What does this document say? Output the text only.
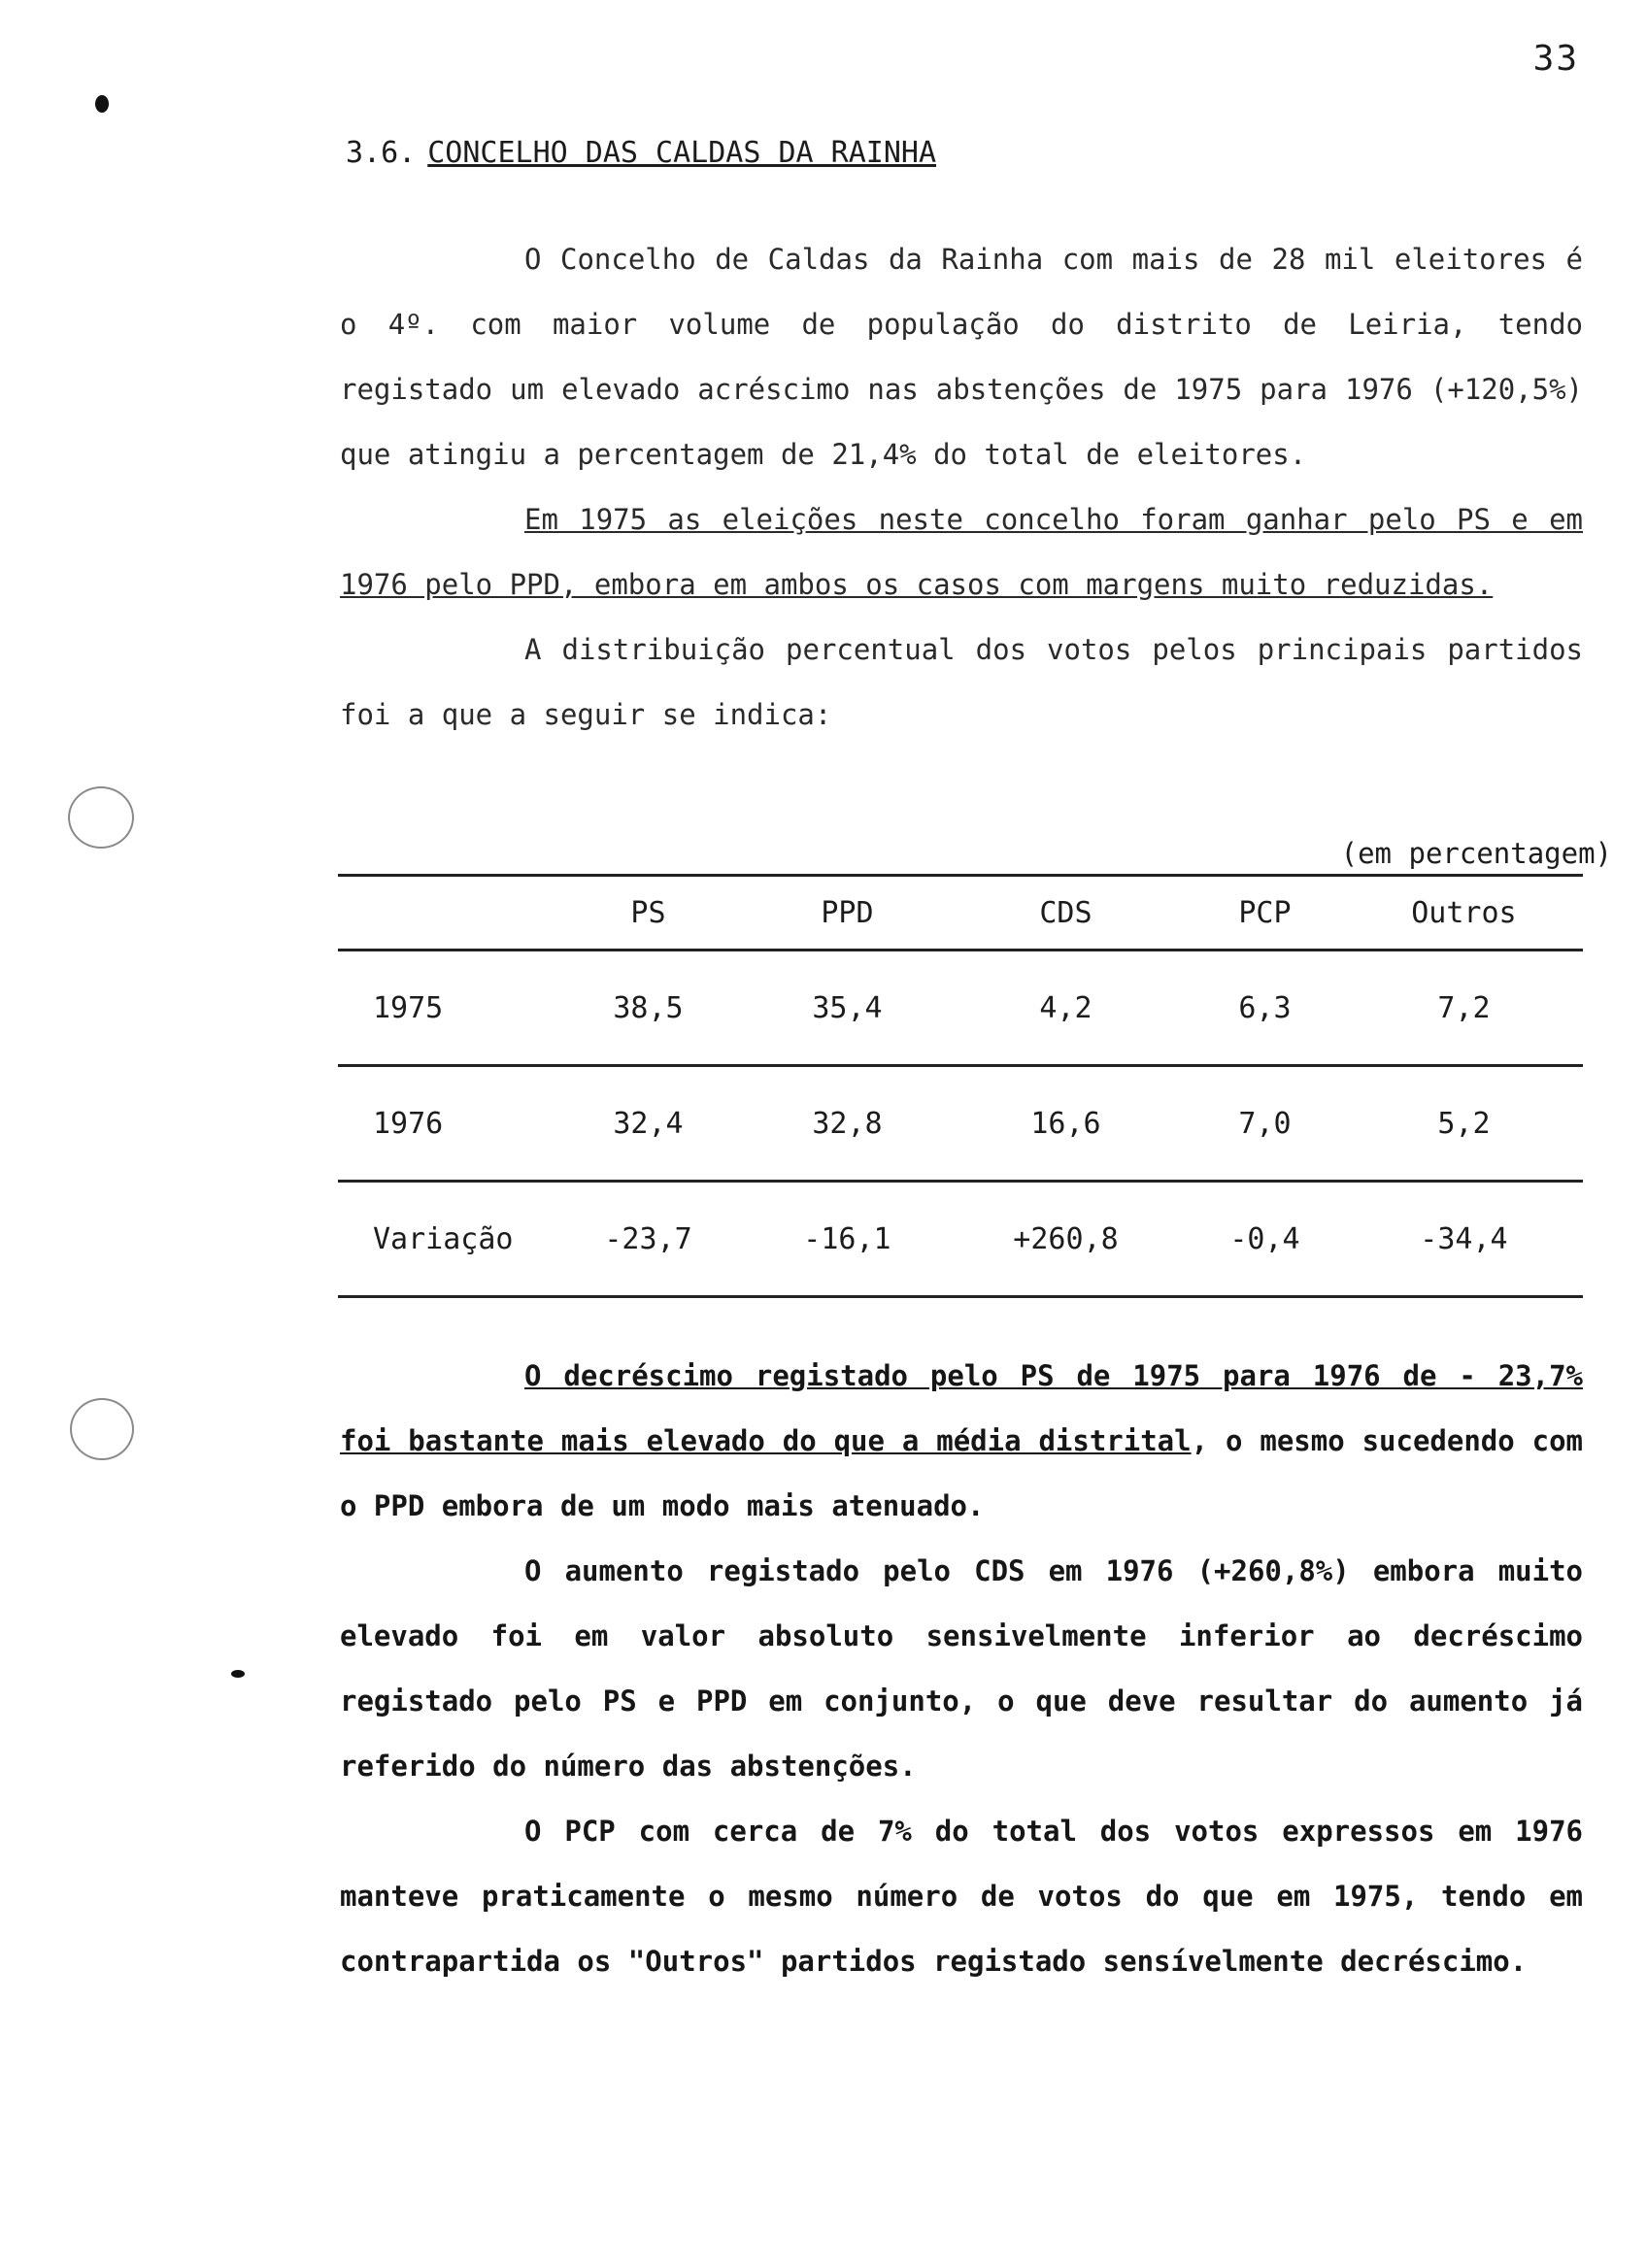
33
3.6. CONCELHO DAS CALDAS DA RAINHA

O Concelho de Caldas da Rainha com mais de 28 mil eleitores é o 4º. com maior volume de população do distrito de Leiria, tendo registado um elevado acréscimo nas abstenções de 1975 para 1976 (+120,5%) que atingiu a percentagem de 21,4% do total de eleitores.

Em 1975 as eleições neste concelho foram ganhar pelo PS e em 1976 pelo PPD, embora em ambos os casos com margens muito reduzidas.

A distribuição percentual dos votos pelos principais partidos foi a que a seguir se indica:

(em percentagem)
	PS	PPD	CDS	PCP	Outros
1975	38,5	35,4	4,2	6,3	7,2
1976	32,4	32,8	16,6	7,0	5,2
Variação	-23,7	-16,1	+260,8	-0,4	-34,4

O decréscimo registado pelo PS de 1975 para 1976 de - 23,7% foi bastante mais elevado do que a média distrital, o mesmo sucedendo com o PPD embora de um modo mais atenuado.

O aumento registado pelo CDS em 1976 (+260,8%) embora muito elevado foi em valor absoluto sensivelmente inferior ao decréscimo registado pelo PS e PPD em conjunto, o que deve resultar do aumento já referido do número das abstenções.

O PCP com cerca de 7% do total dos votos expressos em 1976 manteve praticamente o mesmo número de votos do que em 1975, tendo em contrapartida os "Outros" partidos registado sensívelmente decréscimo.
